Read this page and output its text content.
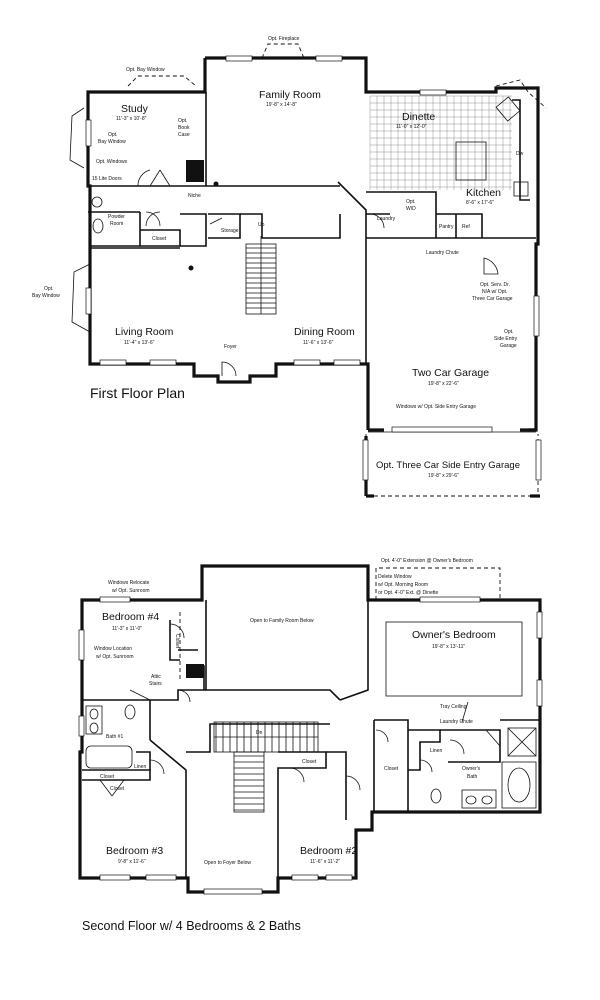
Opt. Fireplace
Opt. Bay Window
Family Room
19'-8" x 14'-8"
Study
11'-3" x 10'-8"	Opt.
Book
Case
Opt.
Bay Window
Opt. Windows
15 Lite Doors
Niche
Powder
Room
Closet
Storage
Up
Dinette
11'-0" x 12'-0"
Dw
Laundry
Opt.
W/D
Kitchen
8'-6" x 17'-6"
Pantry Ref
Laundry Chute
Opt.
Bay Window
Opt. Serv. Dr.
N/A w/ Opt.
Three Car Garage
Opt.
Side Entry
Garage
Living Room
11'-4" x 13'-6"
Foyer
Dining Room
11'-6" x 13'-6"
Two Car Garage
19'-8" x 22'-6"
Windows w/ Opt. Side Entry Garage
Opt. Three Car Side Entry Garage
19'-8" x 29'-6"
First Floor Plan
Opt. 4'-0" Extension @ Owner's Bedroom
Delete Window
w/ Opt. Morning Room
or Opt. 4'-0" Ext. @ Dinette
Windows Relocate
w/ Opt. Sunroom
Bedroom #4
11'-3" x 11'-0"
Closet
Open to Family Room Below
Window Location
w/ Opt. Sunroom
Attic
Stairs
Owner's Bedroom
19'-8" x 13'-11"
Tray Ceiling
Laundry Chute
Bath #1
Linen
Closet
Dn
Closet
Closet
Linen
Owner's
Bath
Closet
Bedroom #3
9'-8" x 11'-6"	Open to Foyer Below
Bedroom #2
11'-6" x 11'-2"
Second Floor w/ 4 Bedrooms & 2 Baths
